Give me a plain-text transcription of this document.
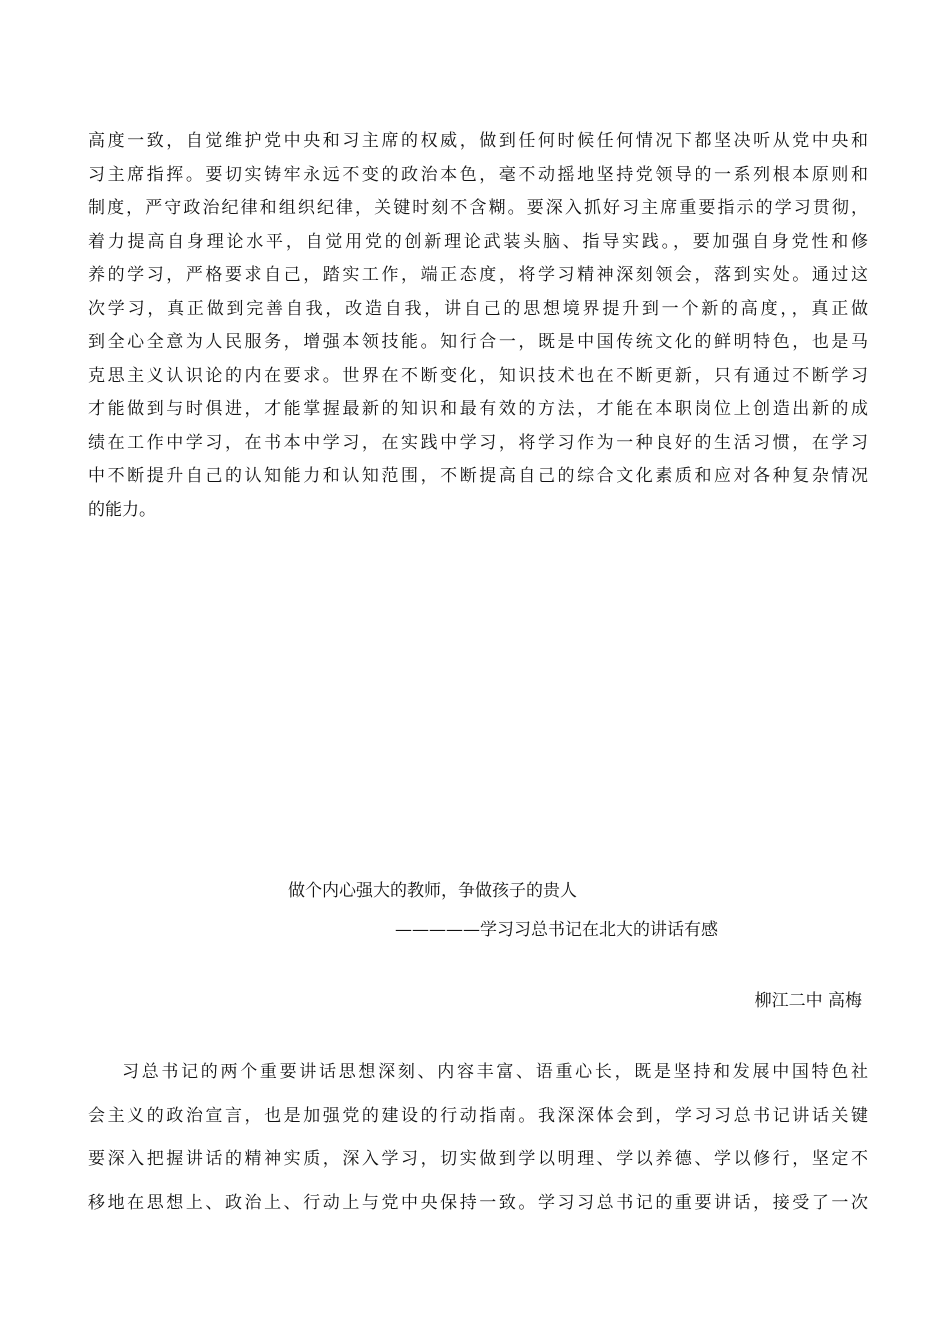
高度一致，自觉维护党中央和习主席的权威，做到任何时候任何情况下都坚决听从党中央和
习主席指挥。要切实铸牢永远不变的政治本色，毫不动摇地坚持党领导的一系列根本原则和
制度，严守政治纪律和组织纪律，关键时刻不含糊。要深入抓好习主席重要指示的学习贯彻，
着力提高自身理论水平，自觉用党的创新理论武装头脑、指导实践。，要加强自身党性和修
养的学习，严格要求自己，踏实工作，端正态度，将学习精神深刻领会，落到实处。通过这
次学习，真正做到完善自我，改造自我，讲自己的思想境界提升到一个新的高度，，真正做
到全心全意为人民服务，增强本领技能。知行合一，既是中国传统文化的鲜明特色，也是马
克思主义认识论的内在要求。世界在不断变化，知识技术也在不断更新，只有通过不断学习
才能做到与时俱进，才能掌握最新的知识和最有效的方法，才能在本职岗位上创造出新的成
绩在工作中学习，在书本中学习，在实践中学习，将学习作为一种良好的生活习惯，在学习
中不断提升自己的认知能力和认知范围，不断提高自己的综合文化素质和应对各种复杂情况
的能力。
做个内心强大的教师，争做孩子的贵人
—————学习习总书记在北大的讲话有感
柳江二中 高梅
习总书记的两个重要讲话思想深刻、内容丰富、语重心长，既是坚持和发展中国特色社
会主义的政治宣言，也是加强党的建设的行动指南。我深深体会到，学习习总书记讲话关键
要深入把握讲话的精神实质，深入学习，切实做到学以明理、学以养德、学以修行，坚定不
移地在思想上、政治上、行动上与党中央保持一致。学习习总书记的重要讲话，接受了一次
